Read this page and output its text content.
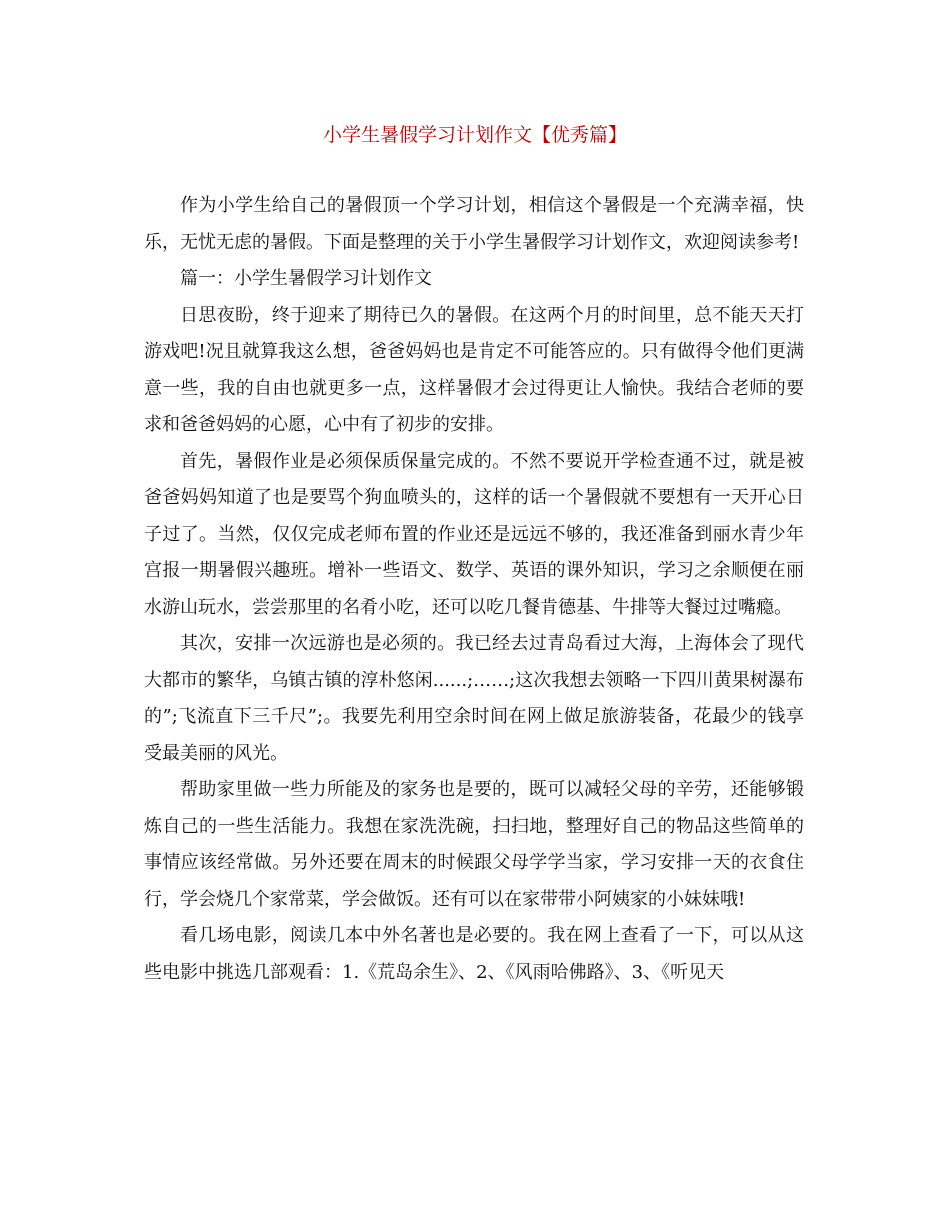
小学生暑假学习计划作文【优秀篇】

作为小学生给自己的暑假顶一个学习计划，相信这个暑假是一个充满幸福，快乐，无忧无虑的暑假。下面是整理的关于小学生暑假学习计划作文，欢迎阅读参考!

篇一：小学生暑假学习计划作文

日思夜盼，终于迎来了期待已久的暑假。在这两个月的时间里，总不能天天打游戏吧!况且就算我这么想，爸爸妈妈也是肯定不可能答应的。只有做得令他们更满意一些，我的自由也就更多一点，这样暑假才会过得更让人愉快。我结合老师的要求和爸爸妈妈的心愿，心中有了初步的安排。

首先，暑假作业是必须保质保量完成的。不然不要说开学检查通不过，就是被爸爸妈妈知道了也是要骂个狗血喷头的，这样的话一个暑假就不要想有一天开心日子过了。当然，仅仅完成老师布置的作业还是远远不够的，我还准备到丽水青少年宫报一期暑假兴趣班。增补一些语文、数学、英语的课外知识，学习之余顺便在丽水游山玩水，尝尝那里的名肴小吃，还可以吃几餐肯德基、牛排等大餐过过嘴瘾。

其次，安排一次远游也是必须的。我已经去过青岛看过大海，上海体会了现代大都市的繁华，乌镇古镇的淳朴悠闲......;……;这次我想去领略一下四川黄果树瀑布的”;飞流直下三千尺”;。我要先利用空余时间在网上做足旅游装备，花最少的钱享受最美丽的风光。

帮助家里做一些力所能及的家务也是要的，既可以减轻父母的辛劳，还能够锻炼自己的一些生活能力。我想在家洗洗碗，扫扫地，整理好自己的物品这些简单的事情应该经常做。另外还要在周末的时候跟父母学学当家，学习安排一天的衣食住行，学会烧几个家常菜，学会做饭。还有可以在家带带小阿姨家的小妹妹哦!

看几场电影，阅读几本中外名著也是必要的。我在网上查看了一下，可以从这些电影中挑选几部观看：1.《荒岛余生》、2、《风雨哈佛路》、3、《听见天
